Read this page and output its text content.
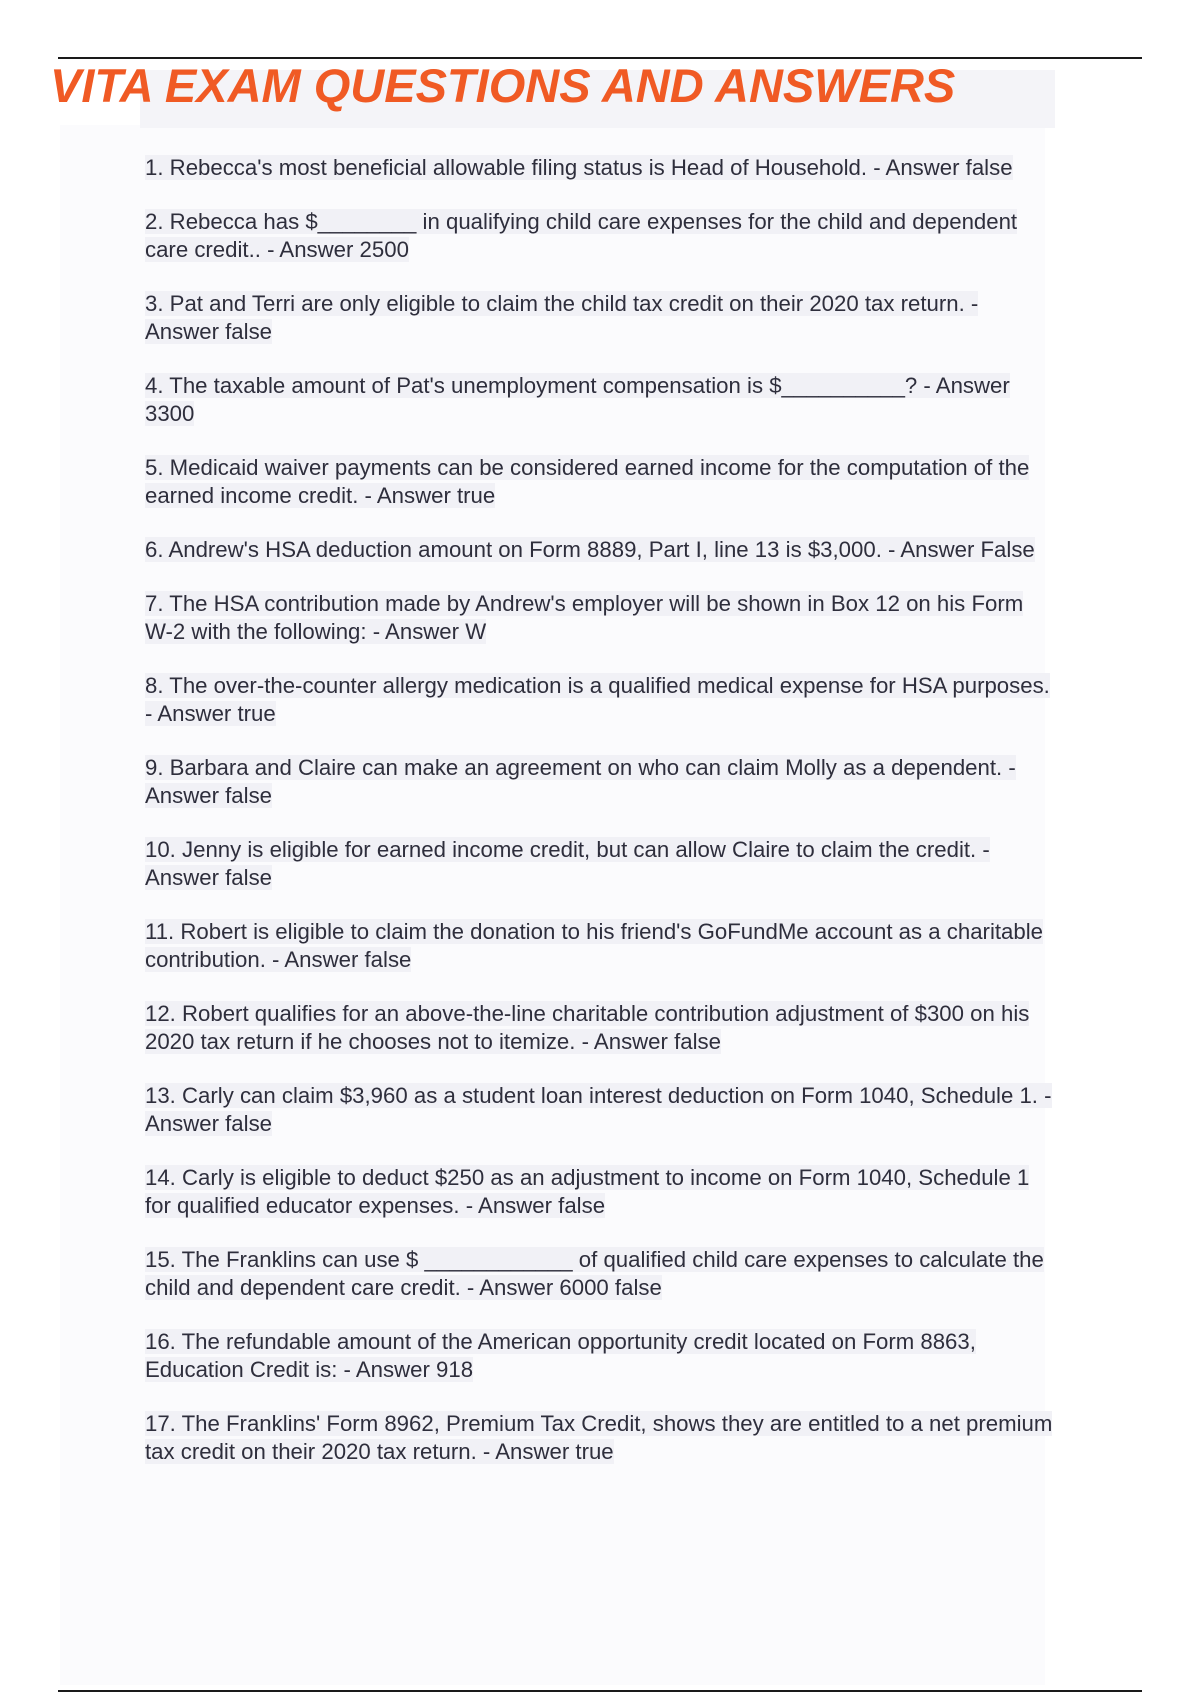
VITA EXAM QUESTIONS AND ANSWERS
1. Rebecca's most beneficial allowable filing status is Head of Household. - Answer false
2. Rebecca has $________ in qualifying child care expenses for the child and dependent care credit.. - Answer 2500
3. Pat and Terri are only eligible to claim the child tax credit on their 2020 tax return. - Answer false
4. The taxable amount of Pat's unemployment compensation is $__________? - Answer 3300
5. Medicaid waiver payments can be considered earned income for the computation of the earned income credit. - Answer true
6. Andrew's HSA deduction amount on Form 8889, Part I, line 13 is $3,000. - Answer False
7. The HSA contribution made by Andrew's employer will be shown in Box 12 on his Form W-2 with the following: - Answer W
8. The over-the-counter allergy medication is a qualified medical expense for HSA purposes. - Answer true
9. Barbara and Claire can make an agreement on who can claim Molly as a dependent. - Answer false
10. Jenny is eligible for earned income credit, but can allow Claire to claim the credit. - Answer false
11. Robert is eligible to claim the donation to his friend's GoFundMe account as a charitable contribution. - Answer false
12. Robert qualifies for an above-the-line charitable contribution adjustment of $300 on his 2020 tax return if he chooses not to itemize. - Answer false
13. Carly can claim $3,960 as a student loan interest deduction on Form 1040, Schedule 1. - Answer false
14. Carly is eligible to deduct $250 as an adjustment to income on Form 1040, Schedule 1 for qualified educator expenses. - Answer false
15. The Franklins can use $ ____________ of qualified child care expenses to calculate the child and dependent care credit. - Answer 6000 false
16. The refundable amount of the American opportunity credit located on Form 8863, Education Credit is: - Answer 918
17. The Franklins' Form 8962, Premium Tax Credit, shows they are entitled to a net premium tax credit on their 2020 tax return. - Answer true
